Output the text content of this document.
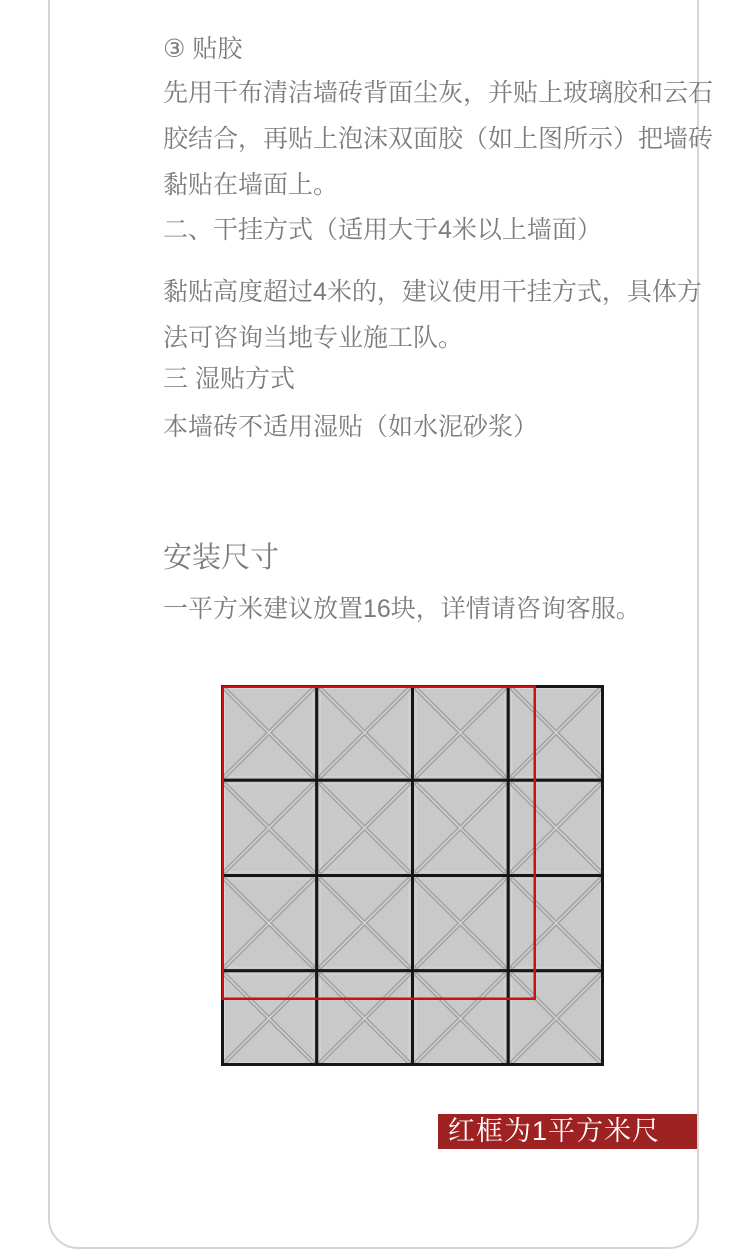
③ 贴胶
先用干布清洁墙砖背面尘灰，并贴上玻璃胶和云石
胶结合，再贴上泡沫双面胶（如上图所示）把墙砖
黏贴在墙面上。
二、干挂方式（适用大于4米以上墙面）
黏贴高度超过4米的，建议使用干挂方式，具体方
法可咨询当地专业施工队。
三 湿贴方式
本墙砖不适用湿贴（如水泥砂浆）
安装尺寸
一平方米建议放置16块，详情请咨询客服。
红框为1平方米尺寸
